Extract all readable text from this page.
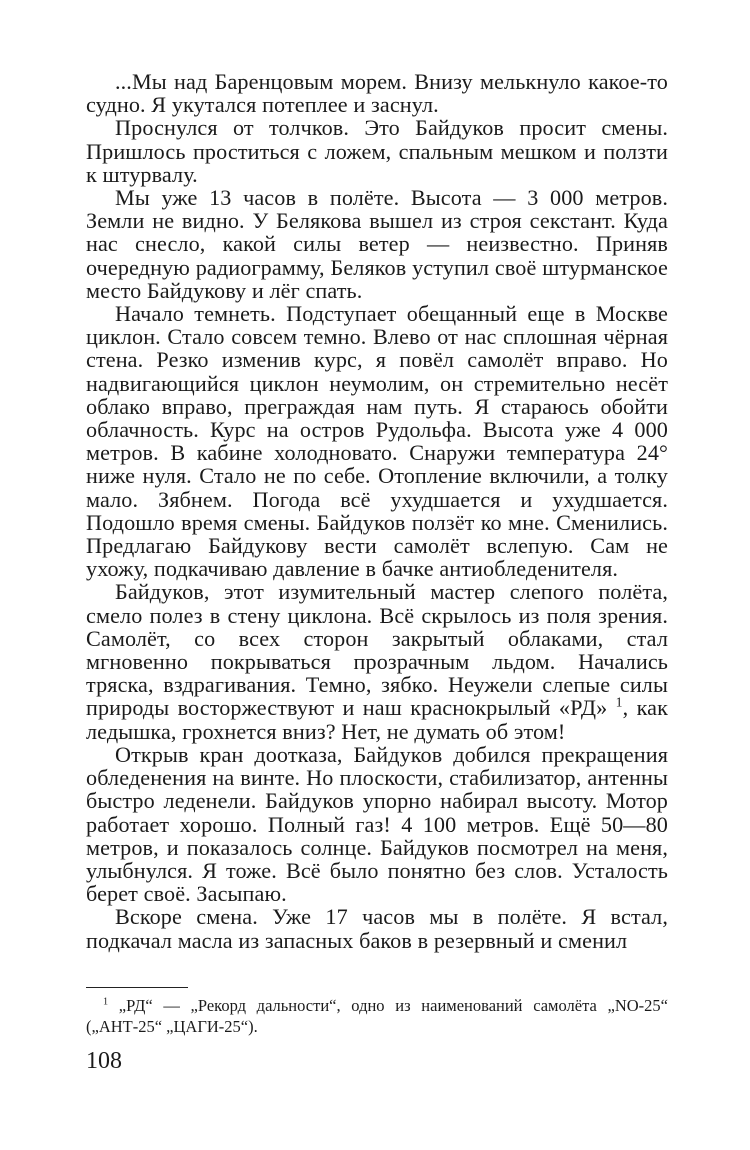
...Мы над Баренцовым морем. Внизу мелькнуло какое-то судно. Я укутался потеплее и заснул.

Проснулся от толчков. Это Байдуков просит смены. Пришлось проститься с ложем, спальным мешком и ползти к штурвалу.

Мы уже 13 часов в полёте. Высота — 3 000 метров. Земли не видно. У Белякова вышел из строя секстант. Куда нас снесло, какой силы ветер — неизвестно. Приняв очередную радиограмму, Беляков уступил своё штурманское место Байдукову и лёг спать.

Начало темнеть. Подступает обещанный еще в Москве циклон. Стало совсем темно. Влево от нас сплошная чёрная стена. Резко изменив курс, я повёл самолёт вправо. Но надвигающийся циклон неумолим, он стремительно несёт облако вправо, преграждая нам путь. Я стараюсь обойти облачность. Курс на остров Рудольфа. Высота уже 4 000 метров. В кабине холодновато. Снаружи температура 24° ниже нуля. Стало не по себе. Отопление включили, а толку мало. Зябнем. Погода всё ухудшается и ухудшается. Подошло время смены. Байдуков ползёт ко мне. Сменились. Предлагаю Байдукову вести самолёт вслепую. Сам не ухожу, подкачиваю давление в бачке антиобледенителя.

Байдуков, этот изумительный мастер слепого полёта, смело полез в стену циклона. Всё скрылось из поля зрения. Самолёт, со всех сторон закрытый облаками, стал мгновенно покрываться прозрачным льдом. Начались тряска, вздрагивания. Темно, зябко. Неужели слепые силы природы восторжествуют и наш краснокрылый «РД» $^1$, как ледышка, грохнется вниз? Нет, не думать об этом!

Открыв кран доотказа, Байдуков добился прекращения обледенения на винте. Но плоскости, стабилизатор, антенны быстро леденели. Байдуков упорно набирал высоту. Мотор работает хорошо. Полный газ! 4 100 метров. Ещё 50—80 метров, и показалось солнце. Байдуков посмотрел на меня, улыбнулся. Я тоже. Всё было понятно без слов. Усталость берет своё. Засыпаю.

Вскоре смена. Уже 17 часов мы в полёте. Я встал, подкачал масла из запасных баков в резервный и сменил

$^1$ „РД“ — „Рекорд дальности“, одно из наименований самолёта „NO-25“ („АНТ-25“ „ЦАГИ-25“).

108
